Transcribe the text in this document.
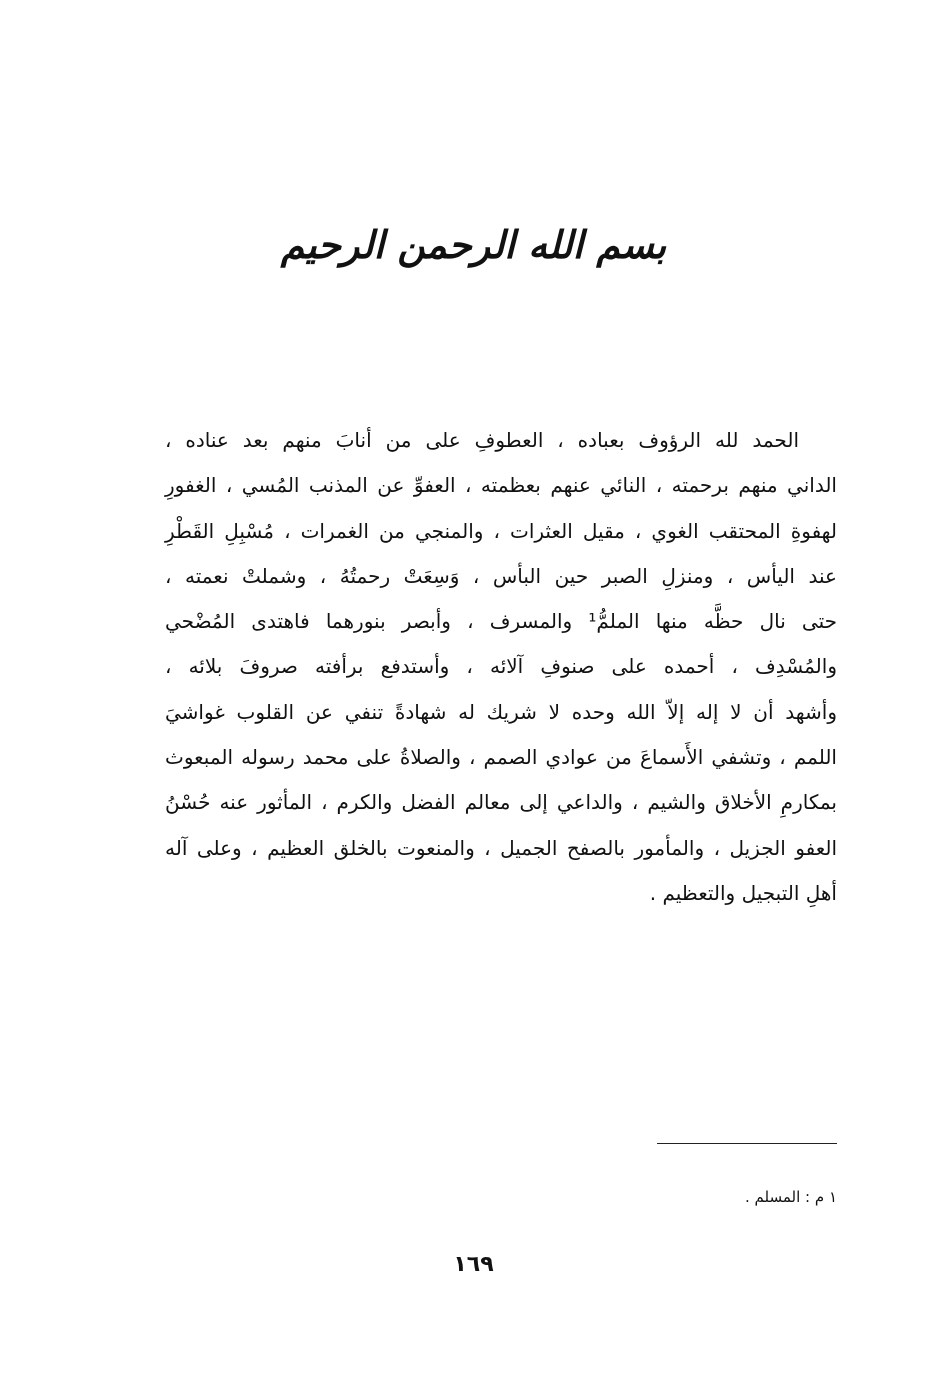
بسم الله الرحمن الرحيم
الحمد لله الرؤوف بعباده ، العطوفِ على من أنابَ منهم بعد عناده ،
الداني منهم برحمته ، النائي عنهم بعظمته ، العفوِّ عن المذنب المُسي ، الغفورِ
لهفوةِ المحتقب الغوي ، مقيل العثرات ، والمنجي من الغمرات ، مُسْبِلِ القَطْرِ
عند اليأس ، ومنزلِ الصبر حين البأس ، وَسِعَتْ رحمتُهُ ، وشملتْ نعمته ،
حتى نال حظَّه منها الملمُّ¹ والمسرف ، وأبصر بنورهما فاهتدى المُضْحي
والمُسْدِف ، أحمده على صنوفِ آلائه ، وأستدفع برأفته صروفَ بلائه ،
وأشهد أن لا إله إلاّ الله وحده لا شريك له شهادةً تنفي عن القلوب غواشيَ
اللمم ، وتشفي الأَسماعَ من عوادي الصمم ، والصلاةُ على محمد رسوله المبعوث
بمكارمِ الأخلاق والشيم ، والداعي إلى معالم الفضل والكرم ، المأثور عنه حُسْنُ
العفو الجزيل ، والمأمور بالصفح الجميل ، والمنعوت بالخلق العظيم ، وعلى آله
أهلِ التبجيل والتعظيم .
١ م : المسلم .
١٦٩
